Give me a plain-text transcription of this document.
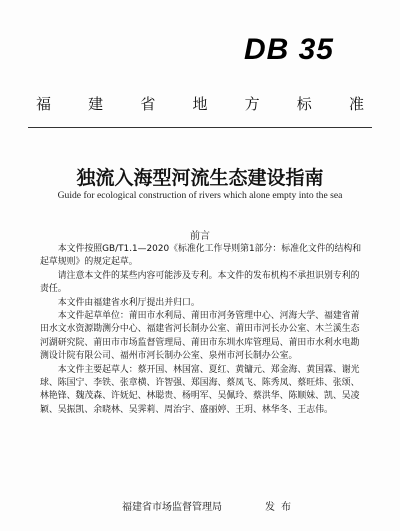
DB 35
福 建 省 地 方 标 准
独流入海型河流生态建设指南
Guide for ecological construction of rivers which alone empty into the sea
前言

本文件按照GB/T1.1—2020《标准化工作导则第1部分：标准化文件的结构和起草规则》的规定起草。

请注意本文件的某些内容可能涉及专利。本文件的发布机构不承担识别专利的责任。

本文件由福建省水利厅提出并归口。

本文件起草单位：莆田市水利局、莆田市河务管理中心、河海大学、福建省莆田水文水资源勘测分中心、福建省河长制办公室、莆田市河长办公室、木兰溪生态河湖研究院、莆田市市场监督管理局、莆田市东圳水库管理局、莆田市水利水电勘测设计院有限公司、福州市河长制办公室、泉州市河长制办公室。

本文件主要起草人：蔡开国、林国富、夏红、黄镛元、郑金海、黄国霖、谢光球、陈国宁、李铁、张章横、许智强、郑国海、蔡凤飞、陈秀凤、蔡旺炜、张颂、林艳锋、魏茂森、许妩妃、林聪贵、杨明军、吴佩玲、蔡洪华、陈顺妹、凯、吴凌颖、吴振凯、余晓林、吴霁莉、周治宇、盛丽婷、王玥、林华冬、王志伟。

福建省市场监督管理局	发布
